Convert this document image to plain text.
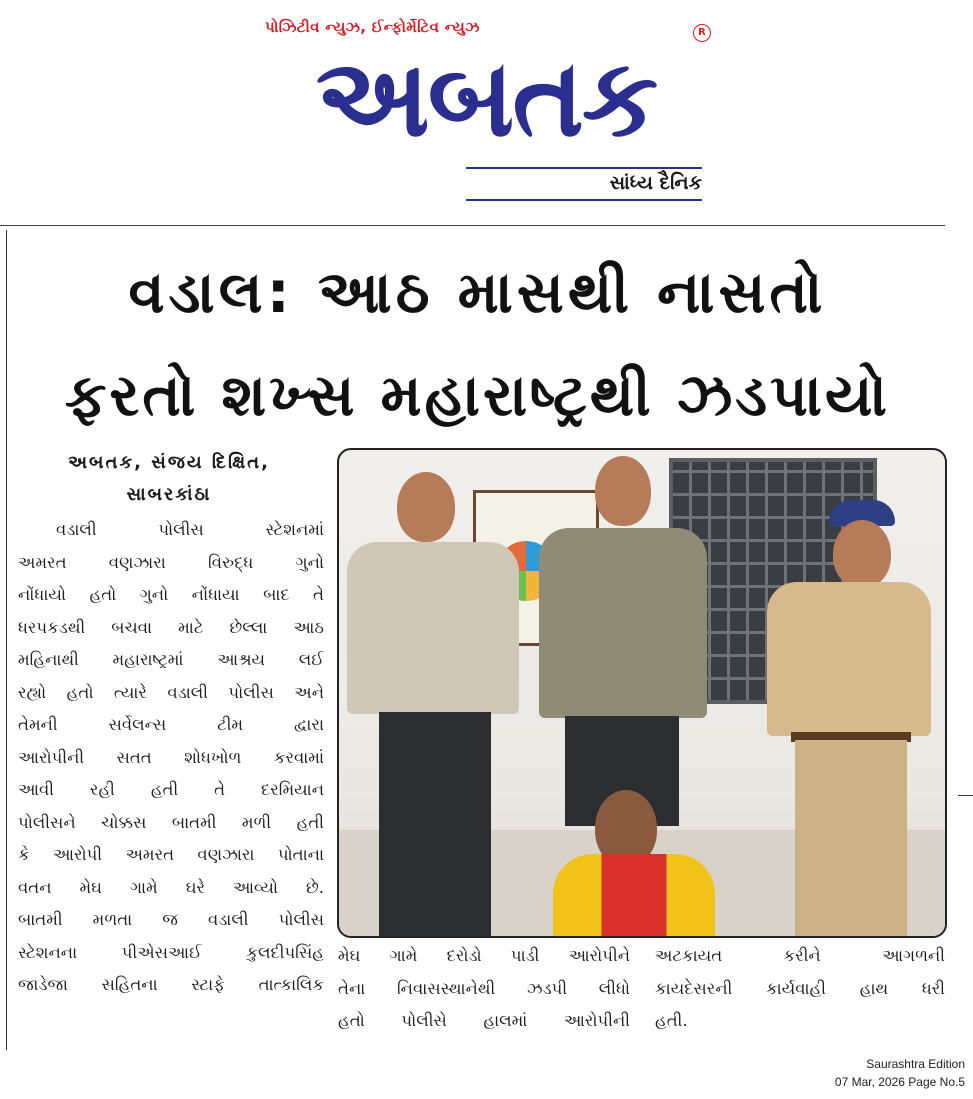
પોઝિટીવ ન્યુઝ, ઈન્ફોર્મેટિવ ન્યુઝ	R
અબતક
સાંધ્ય દૈનિક
વડાલ: આઠ માસથી નાસતો
ફરતો શખ્સ મહારાષ્ટ્રથી ઝડપાયો
અબતક, સંજય દિક્ષિત,
સાબરકાંઠા
વડાલી પોલીસ સ્ટેશનમાં
અમરત વણઝારા વિરુદ્ધ ગુનો
નોંધાયો હતો ગુનો નોંધાયા બાદ તે
ધરપકડથી બચવા માટે છેલ્લા આઠ
મહિનાથી મહારાષ્ટ્રમાં આશ્રય લઈ
રહ્યો હતો ત્યારે વડાલી પોલીસ અને
તેમની સર્વેલન્સ ટીમ દ્વારા
આરોપીની સતત શોધખોળ કરવામાં
આવી રહી હતી તે દરમિયાન
પોલીસને ચોક્કસ બાતમી મળી હતી
કે આરોપી અમરત વણઝારા પોતાના
વતન મેઘ ગામે ઘરે આવ્યો છે.
બાતમી મળતા જ વડાલી પોલીસ
સ્ટેશનના પીએસઆઈ કુલદીપસિંહ
જાડેજા સહિતના સ્ટાફે તાત્કાલિક
મેઘ ગામે દરોડો પાડી આરોપીને
તેના નિવાસસ્થાનેથી ઝડપી લીધો
હતો પોલીસે હાલમાં આરોપીની
અટકાયત કરીને આગળની
કાયદેસરની કાર્યવાહી હાથ ધરી
હતી.
Saurashtra Edition
07 Mar, 2026 Page No.5
